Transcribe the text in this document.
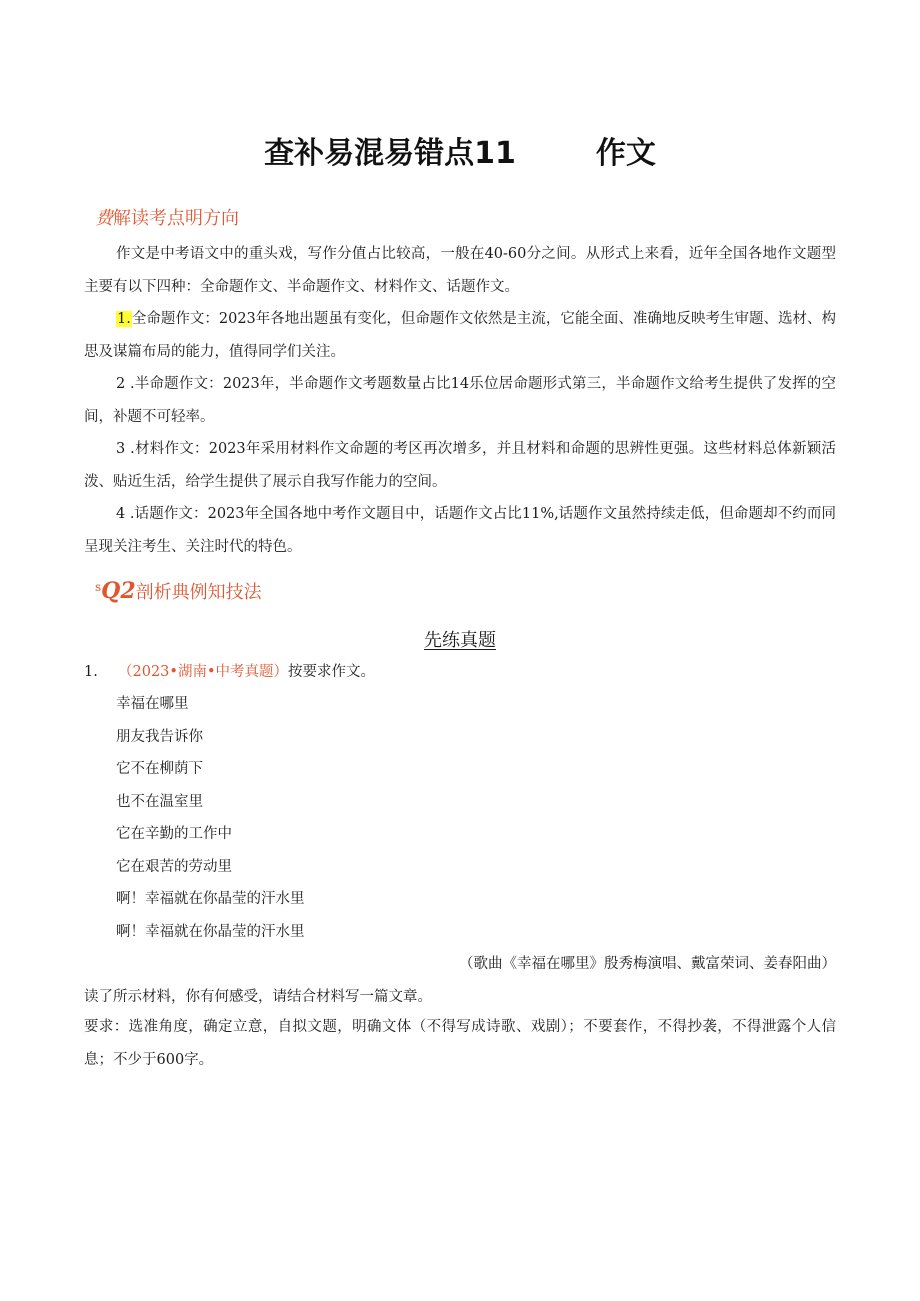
查补易混易错点11	作文
费解读考点明方向
作文是中考语文中的重头戏，写作分值占比较高，一般在40-60分之间。从形式上来看，近年全国各地作文题型主要有以下四种：全命题作文、半命题作文、材料作文、话题作文。
1.全命题作文：2023年各地出题虽有变化，但命题作文依然是主流，它能全面、准确地反映考生审题、选材、构思及谋篇布局的能力，值得同学们关注。
2 .半命题作文：2023年，半命题作文考题数量占比14乐位居命题形式第三，半命题作文给考生提供了发挥的空间，补题不可轻率。
3 .材料作文：2023年采用材料作文命题的考区再次增多，并且材料和命题的思辨性更强。这些材料总体新颖活泼、贴近生活，给学生提供了展示自我写作能力的空间。
4 .话题作文：2023年全国各地中考作文题目中，话题作文占比11%,话题作文虽然持续走低，但命题却不约而同呈现关注考生、关注时代的特色。
$^s$Q2剖析典例知技法
先练真题
1. （2023•湖南•中考真题）按要求作文。
幸福在哪里
朋友我告诉你
它不在柳荫下
也不在温室里
它在辛勤的工作中
它在艰苦的劳动里
啊！幸福就在你晶莹的汗水里
啊！幸福就在你晶莹的汗水里
（歌曲《幸福在哪里》殷秀梅演唱、戴富荣词、姜春阳曲）
读了所示材料，你有何感受，请结合材料写一篇文章。
要求：选准角度，确定立意，自拟文题，明确文体（不得写成诗歌、戏剧）；不要套作，不得抄袭，不得泄露个人信息；不少于600字。
